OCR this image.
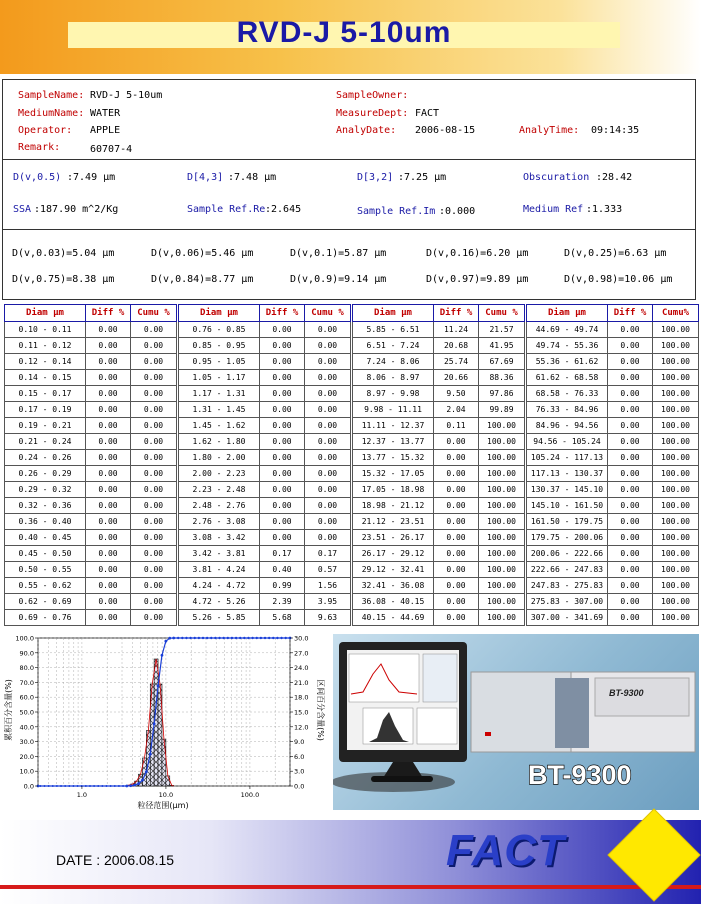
RVD-J 5-10um
SampleName: RVD-J 5-10um
MediumName: WATER
Operator: APPLE
Remark:	60707-4
SampleOwner:
MeasureDept: FACT
AnalyDate: 2006-08-15	AnalyTime: 09:14:35
D(v,0.5) :7.49 μm	D[4,3] :7.48 μm	D[3,2] :7.25 μm	Obscuration :28.42
SSA :187.90 m^2/Kg	Sample Ref.Re :2.645	Sample Ref.Im :0.000	Medium Ref :1.333
D(v,0.03)=5.04 μm	D(v,0.06)=5.46 μm	D(v,0.1)=5.87 μm	D(v,0.16)=6.20 μm	D(v,0.25)=6.63 μm
D(v,0.75)=8.38 μm	D(v,0.84)=8.77 μm	D(v,0.9)=9.14 μm	D(v,0.97)=9.89 μm	D(v,0.98)=10.06 μm
Diam μm	Diff %	Cumu %
0.10 - 0.11	0.00	0.00
0.11 - 0.12	0.00	0.00
0.12 - 0.14	0.00	0.00
0.14 - 0.15	0.00	0.00
0.15 - 0.17	0.00	0.00
0.17 - 0.19	0.00	0.00
0.19 - 0.21	0.00	0.00
0.21 - 0.24	0.00	0.00
0.24 - 0.26	0.00	0.00
0.26 - 0.29	0.00	0.00
0.29 - 0.32	0.00	0.00
0.32 - 0.36	0.00	0.00
0.36 - 0.40	0.00	0.00
0.40 - 0.45	0.00	0.00
0.45 - 0.50	0.00	0.00
0.50 - 0.55	0.00	0.00
0.55 - 0.62	0.00	0.00
0.62 - 0.69	0.00	0.00
0.69 - 0.76	0.00	0.00
Diam μm	Diff %	Cumu %
0.76 - 0.85	0.00	0.00
0.85 - 0.95	0.00	0.00
0.95 - 1.05	0.00	0.00
1.05 - 1.17	0.00	0.00
1.17 - 1.31	0.00	0.00
1.31 - 1.45	0.00	0.00
1.45 - 1.62	0.00	0.00
1.62 - 1.80	0.00	0.00
1.80 - 2.00	0.00	0.00
2.00 - 2.23	0.00	0.00
2.23 - 2.48	0.00	0.00
2.48 - 2.76	0.00	0.00
2.76 - 3.08	0.00	0.00
3.08 - 3.42	0.00	0.00
3.42 - 3.81	0.17	0.17
3.81 - 4.24	0.40	0.57
4.24 - 4.72	0.99	1.56
4.72 - 5.26	2.39	3.95
5.26 - 5.85	5.68	9.63
Diam μm	Diff %	Cumu %
5.85 - 6.51	11.24	21.57
6.51 - 7.24	20.68	41.95
7.24 - 8.06	25.74	67.69
8.06 - 8.97	20.66	88.36
8.97 - 9.98	9.50	97.86
9.98 - 11.11	2.04	99.89
11.11 - 12.37	0.11	100.00
12.37 - 13.77	0.00	100.00
13.77 - 15.32	0.00	100.00
15.32 - 17.05	0.00	100.00
17.05 - 18.98	0.00	100.00
18.98 - 21.12	0.00	100.00
21.12 - 23.51	0.00	100.00
23.51 - 26.17	0.00	100.00
26.17 - 29.12	0.00	100.00
29.12 - 32.41	0.00	100.00
32.41 - 36.08	0.00	100.00
36.08 - 40.15	0.00	100.00
40.15 - 44.69	0.00	100.00
Diam μm	Diff %	Cumu%
44.69 - 49.74	0.00	100.00
49.74 - 55.36	0.00	100.00
55.36 - 61.62	0.00	100.00
61.62 - 68.58	0.00	100.00
68.58 - 76.33	0.00	100.00
76.33 - 84.96	0.00	100.00
84.96 - 94.56	0.00	100.00
94.56 - 105.24	0.00	100.00
105.24 - 117.13	0.00	100.00
117.13 - 130.37	0.00	100.00
130.37 - 145.10	0.00	100.00
145.10 - 161.50	0.00	100.00
161.50 - 179.75	0.00	100.00
179.75 - 200.06	0.00	100.00
200.06 - 222.66	0.00	100.00
222.66 - 247.83	0.00	100.00
247.83 - 275.83	0.00	100.00
275.83 - 307.00	0.00	100.00
307.00 - 341.69	0.00	100.00
0.0
10.0
20.0
30.0
40.0
50.0
60.0
70.0
80.0
90.0
100.0
0.0
3.0
6.0
9.0
12.0
15.0
18.0
21.0
24.0
27.0
30.0
1.0	10.0	100.0
粒径范围(μm)
累积百分含量(%)	区间百分含量(%)	BT-9300
BT-9300
DATE : 2006.08.15	FACT
